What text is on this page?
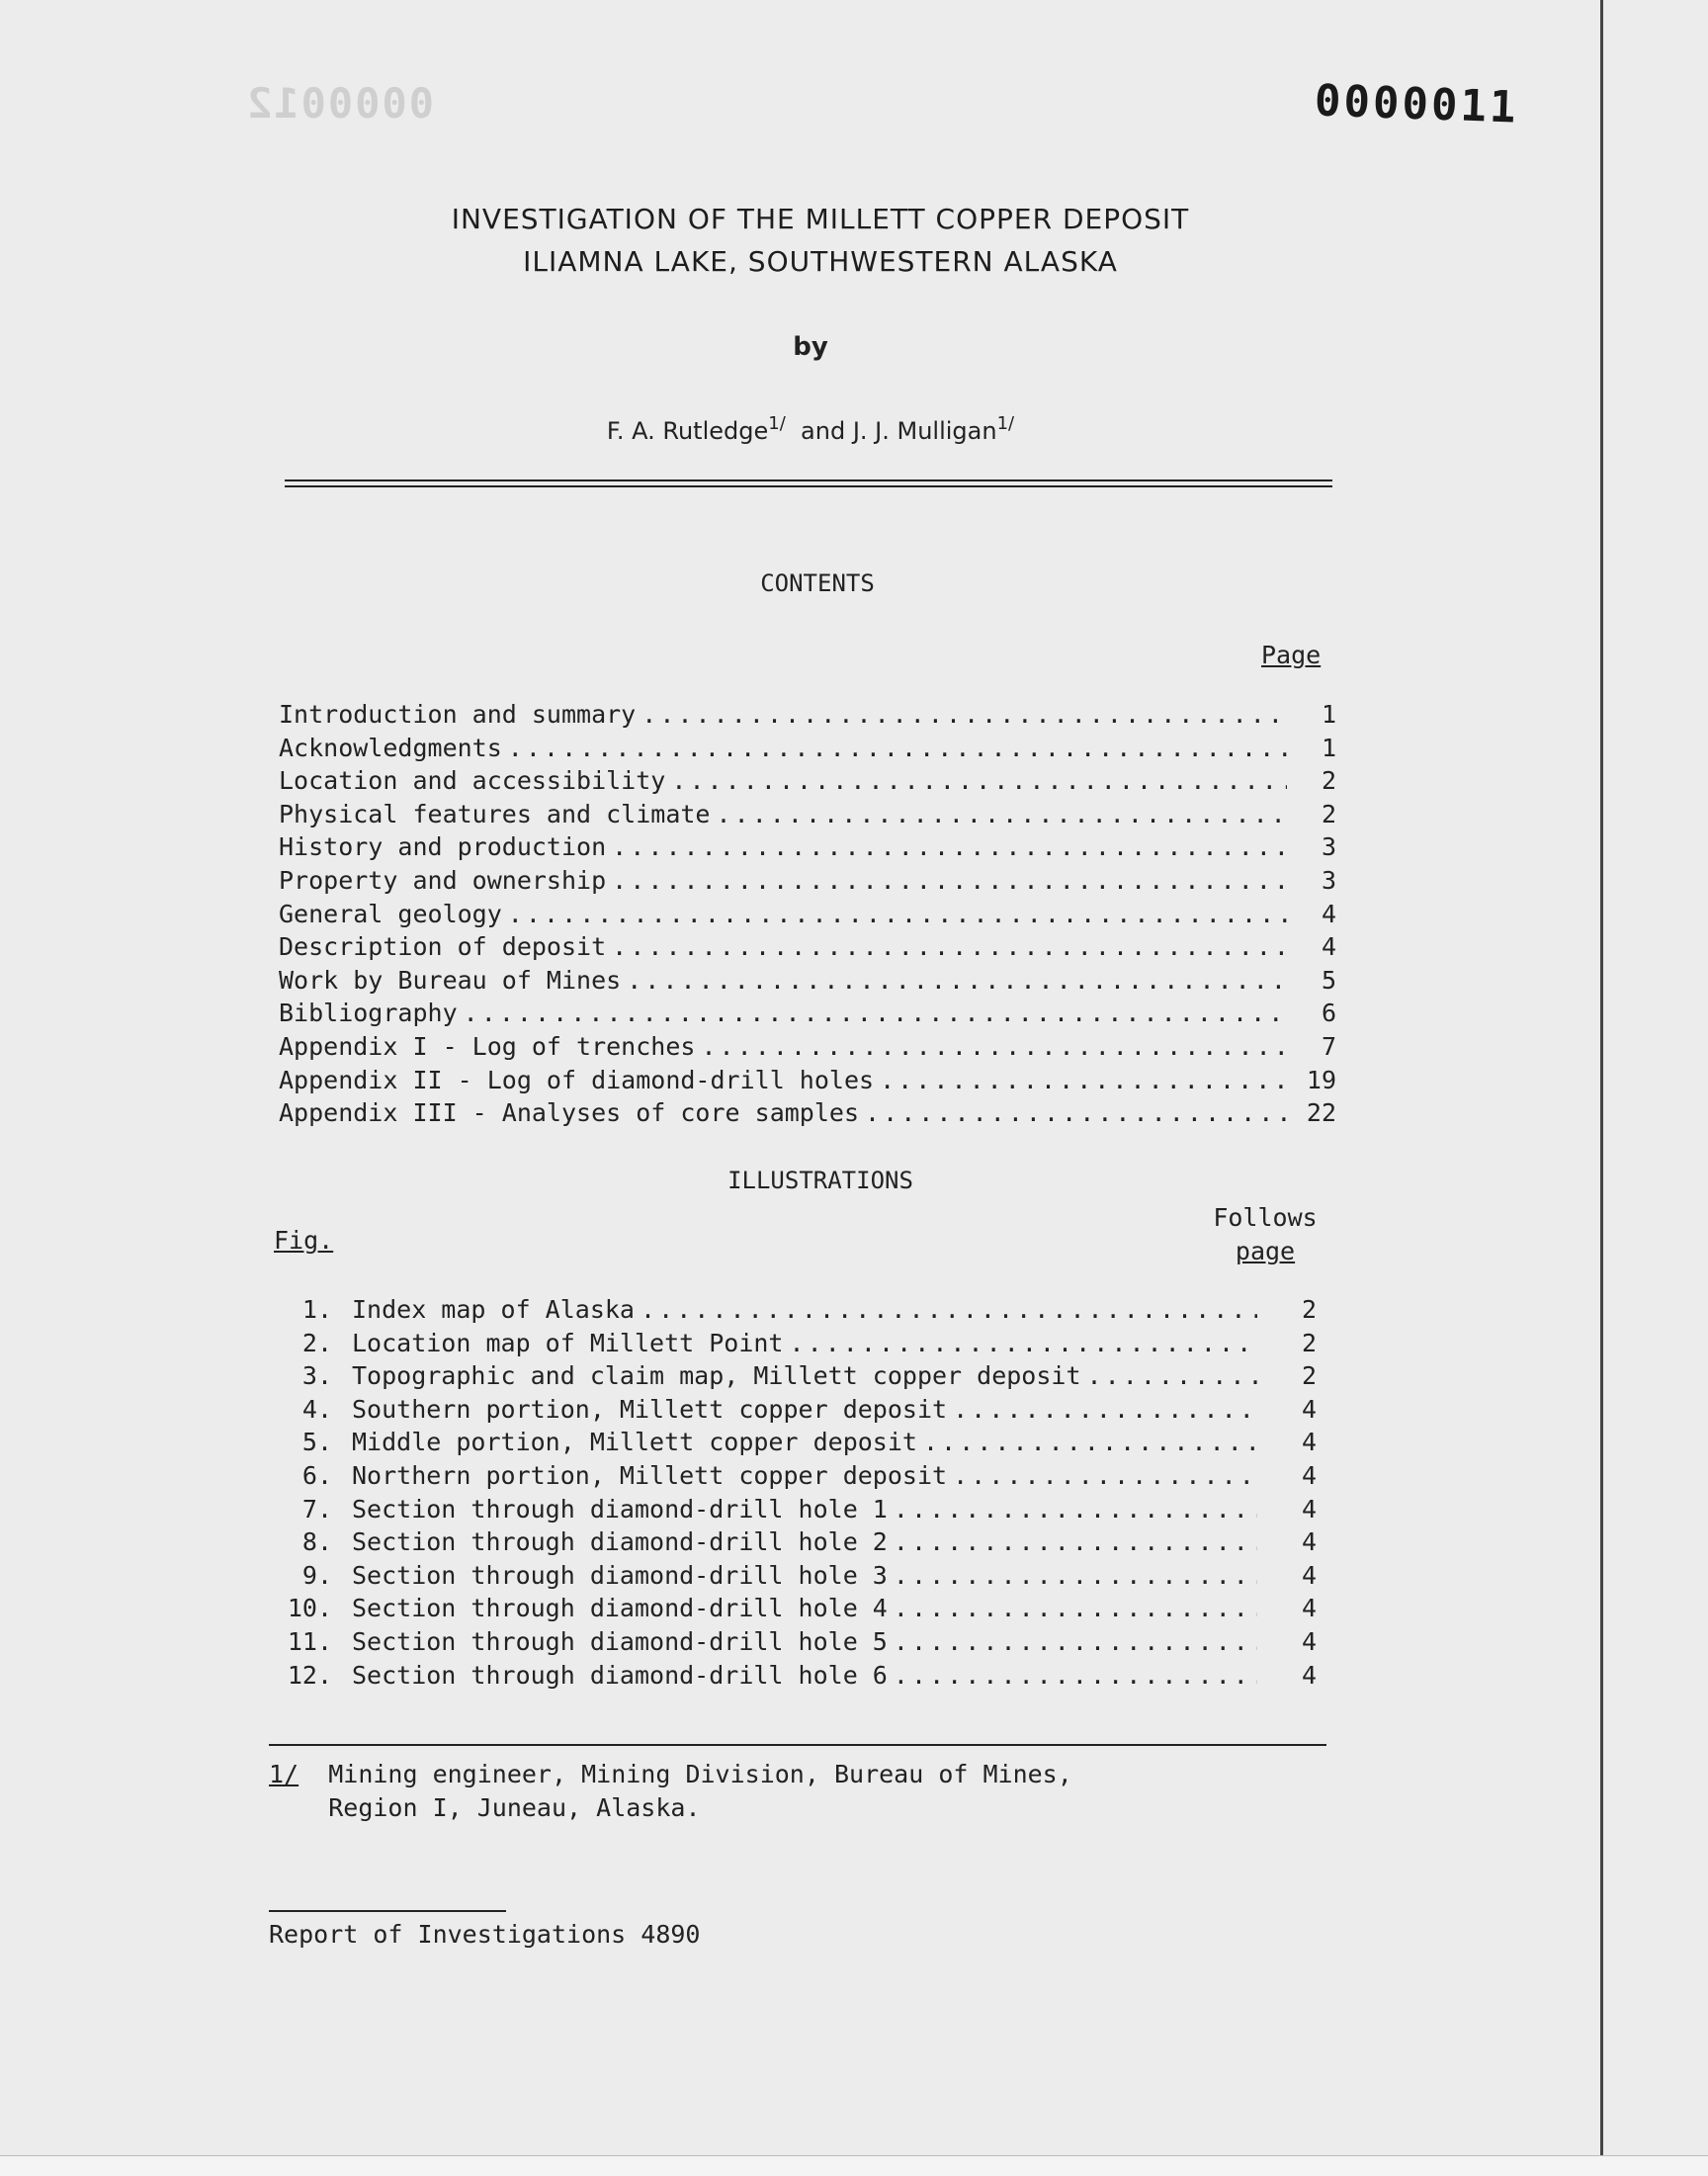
0000012	0000011
INVESTIGATION OF THE MILLETT COPPER DEPOSIT
ILIAMNA LAKE, SOUTHWESTERN ALASKA
by
F. A. Rutledge$^{1/}$ and J. J. Mulligan$^{1/}$
CONTENTS
Page
Introduction and summary . . .	1
Acknowledgments . . .	1
Location and accessibility . . .	2
Physical features and climate . . .	2
History and production . . .	3
Property and ownership . . .	3
General geology . . .	4
Description of deposit . . .	4
Work by Bureau of Mines . . .	5
Bibliography . . .	6
Appendix I - Log of trenches . . .	7
Appendix II - Log of diamond-drill holes . . .	19
Appendix III - Analyses of core samples . . .	22
ILLUSTRATIONS
Fig.
Follows
page
1. Index map of Alaska . . .	2
2. Location map of Millett Point . . .	2
3. Topographic and claim map, Millett copper deposit . . .	2
4. Southern portion, Millett copper deposit . . .	4
5. Middle portion, Millett copper deposit . . .	4
6. Northern portion, Millett copper deposit . . .	4
7. Section through diamond-drill hole 1 . . .	4
8. Section through diamond-drill hole 2 . . .	4
9. Section through diamond-drill hole 3 . . .	4
10. Section through diamond-drill hole 4 . . .	4
11. Section through diamond-drill hole 5 . . .	4
12. Section through diamond-drill hole 6 . . .	4
1/ Mining engineer, Mining Division, Bureau of Mines,
Region I, Juneau, Alaska.
Report of Investigations 4890
